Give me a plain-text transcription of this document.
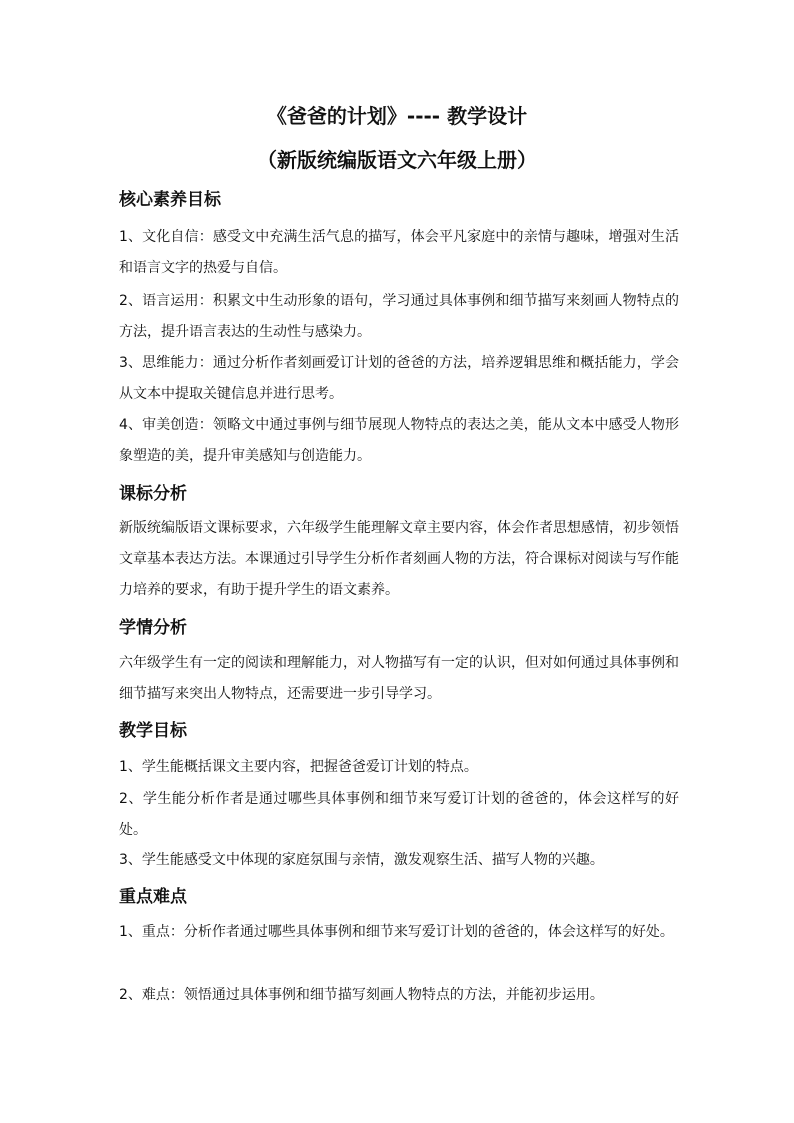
《爸爸的计划》---- 教学设计
（新版统编版语文六年级上册）
核心素养目标

1、文化自信：感受文中充满生活气息的描写，体会平凡家庭中的亲情与趣味，增强对生活和语言文字的热爱与自信。

2、语言运用：积累文中生动形象的语句，学习通过具体事例和细节描写来刻画人物特点的方法，提升语言表达的生动性与感染力。

3、思维能力：通过分析作者刻画爱订计划的爸爸的方法，培养逻辑思维和概括能力，学会从文本中提取关键信息并进行思考。

4、审美创造：领略文中通过事例与细节展现人物特点的表达之美，能从文本中感受人物形象塑造的美，提升审美感知与创造能力。

课标分析

新版统编版语文课标要求，六年级学生能理解文章主要内容，体会作者思想感情，初步领悟文章基本表达方法。本课通过引导学生分析作者刻画人物的方法，符合课标对阅读与写作能力培养的要求，有助于提升学生的语文素养。

学情分析

六年级学生有一定的阅读和理解能力，对人物描写有一定的认识，但对如何通过具体事例和细节描写来突出人物特点，还需要进一步引导学习。

教学目标

1、学生能概括课文主要内容，把握爸爸爱订计划的特点。

2、学生能分析作者是通过哪些具体事例和细节来写爱订计划的爸爸的，体会这样写的好处。

3、学生能感受文中体现的家庭氛围与亲情，激发观察生活、描写人物的兴趣。

重点难点

1、重点：分析作者通过哪些具体事例和细节来写爱订计划的爸爸的，体会这样写的好处。

2、难点：领悟通过具体事例和细节描写刻画人物特点的方法，并能初步运用。
